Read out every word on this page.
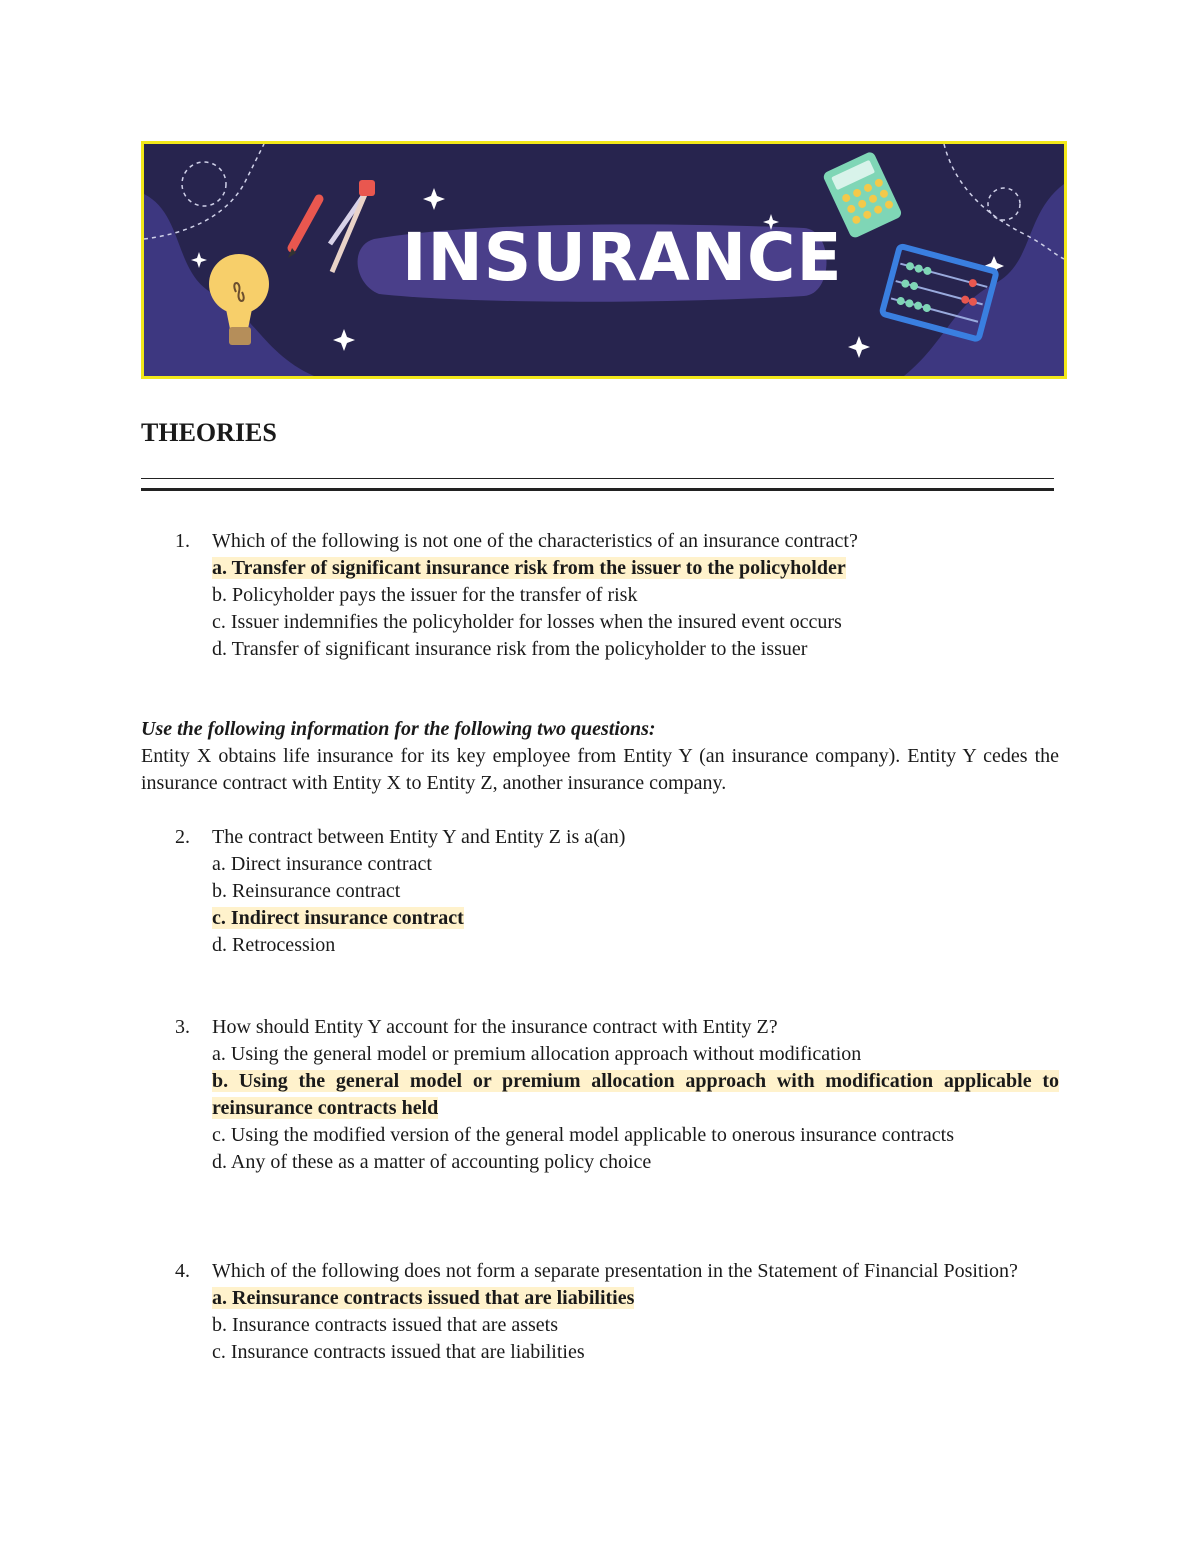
INSURANCE
THEORIES
1. Which of the following is not one of the characteristics of an insurance contract?
a. Transfer of significant insurance risk from the issuer to the policyholder
b. Policyholder pays the issuer for the transfer of risk
c. Issuer indemnifies the policyholder for losses when the insured event occurs
d. Transfer of significant insurance risk from the policyholder to the issuer
Use the following information for the following two questions:
Entity X obtains life insurance for its key employee from Entity Y (an insurance company). Entity Y cedes the insurance contract with Entity X to Entity Z, another insurance company.
2. The contract between Entity Y and Entity Z is a(an)
a. Direct insurance contract
b. Reinsurance contract
c. Indirect insurance contract
d. Retrocession
3. How should Entity Y account for the insurance contract with Entity Z?
a. Using the general model or premium allocation approach without modification
b. Using the general model or premium allocation approach with modification applicable to reinsurance contracts held
c. Using the modified version of the general model applicable to onerous insurance contracts
d. Any of these as a matter of accounting policy choice
4. Which of the following does not form a separate presentation in the Statement of Financial Position?
a. Reinsurance contracts issued that are liabilities
b. Insurance contracts issued that are assets
c. Insurance contracts issued that are liabilities
